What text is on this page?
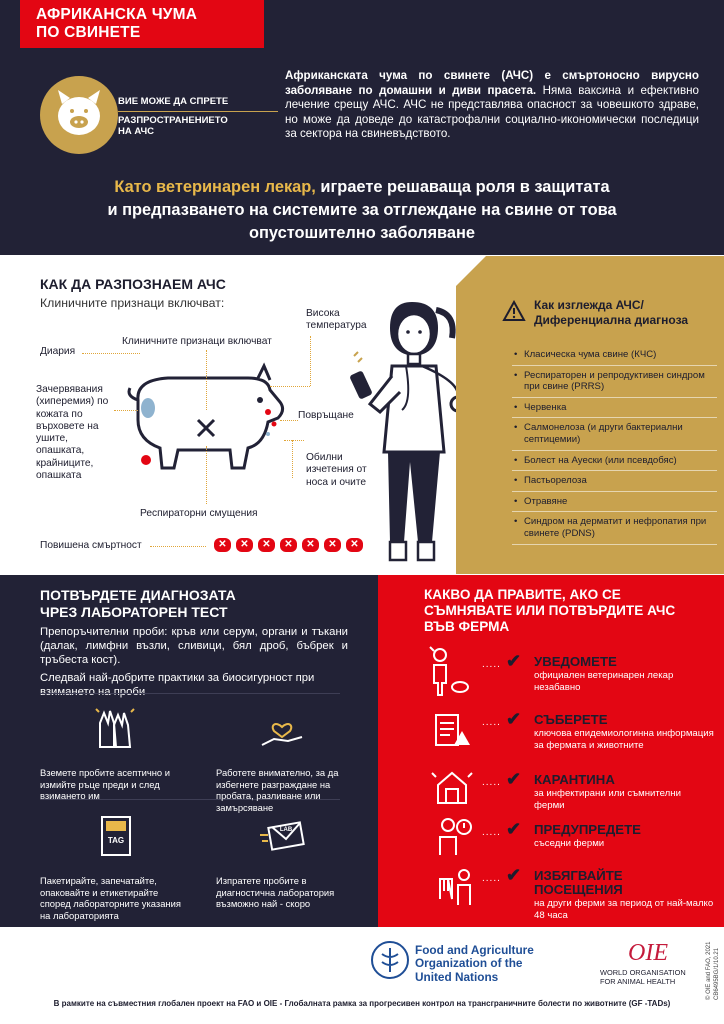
АФРИКАНСКА ЧУМА
ПО СВИНЕТЕ
ВИЕ МОЖЕ ДА СПРЕТЕ
РАЗПРОСТРАНЕНИЕТО
НА АЧС
Африканската чума по свинете (АЧС) е смъртоносно вирусно заболяване по домашни и диви прасета. Няма ваксина и ефективно лечение срещу АЧС. АЧС не представлява опасност за човешкото здраве, но може да доведе до катастрофални социално-икономически последици за сектора на свиневъдството.
Като ветеринарен лекар, играете решаваща роля в защитата
и предпазването на системите за отглеждане на свине от това
опустошително заболяване
КАК ДА РАЗПОЗНАЕМ АЧС
Клиничните признаци включват:
Висока температура
Клиничните признаци включват
Диария
Зачервявания (хиперемия) по кожата по върховете на ушите, опашката, крайниците, опашката
Повръщане
Обилни изчетения от носа и очите
Респираторни смущения
Повишена смъртност	✕	✕	✕	✕	✕	✕	✕
Как изглежда АЧС/ Диференциална диагноза
• Класическа чума свине (КЧС)
• Респираторен и репродуктивен синдром при свине (PRRS)
• Червенка
• Салмонелоза (и други бактериални септицемии)
• Болест на Ауески (или псевдобяс)
• Пастьорелоза
• Отравяне
• Синдром на дерматит и нефропатия при свинете (PDNS)
ПОТВЪРДЕТЕ ДИАГНОЗАТА
ЧРЕЗ ЛАБОРАТОРЕН ТЕСТ
Препоръчителни проби: кръв или серум, органи и тъкани (далак, лимфни възли, сливици, бял дроб, бъбрек и тръбеста кост).
Следвай най-добрите практики за биосигурност при взимането на проби
TAG
LAB
Вземете пробите асептично и измийте ръце преди и след взимането им
Работете внимателно, за да избегнете разграждане на пробата, разливане или замърсяване
Пакетирайте, запечатайте, опаковайте и етикетирайте според лабораторните указания на лабораторията
Изпратете пробите в диагностична лаборатория възможно най - скоро
КАКВО ДА ПРАВИТЕ, АКО СЕ
СЪМНЯВАТЕ ИЛИ ПОТВЪРДИТЕ АЧС
ВЪВ ФЕРМА
..... ✔ УВЕДОМЕТЕ
официален ветеринарен лекар незабавно
..... ✔ СЪБЕРЕТЕ
ключова епидемиологинна информация за фермата и животните
..... ✔ КАРАНТИНА
за инфектирани или съмнителни ферми
..... ✔ ПРЕДУПРЕДЕТЕ
съседни ферми
..... ✔ ИЗБЯГВАЙТЕ ПОСЕЩЕНИЯ
на други ферми за период от най-малко 48 часа
Food and Agriculture
Organization of the
United Nations
OIE
WORLD ORGANISATION
FOR ANIMAL HEALTH	© OIE and FAO, 2021 CB6495BG/1/10.21
В рамките на съвместния глобален проект на FAO и OIE - Глобалната рамка за прогресивен контрол на трансграничните болести по животните (GF -TADs)
